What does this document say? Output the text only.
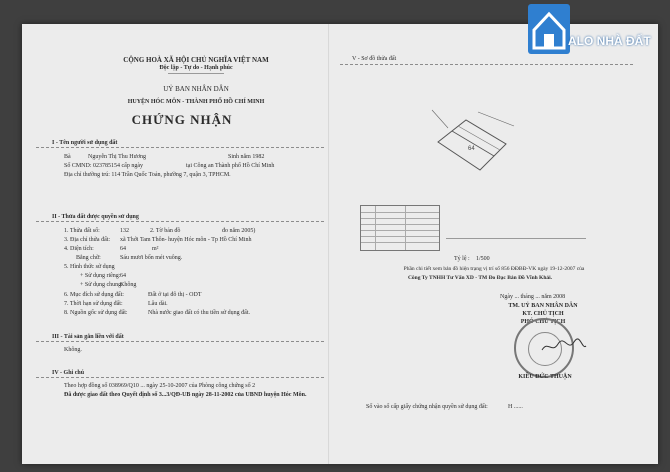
ALO NHÀ ĐẤT
CỘNG HOÀ XÃ HỘI CHỦ NGHĨA VIỆT NAM
Độc lập - Tự do - Hạnh phúc
UỶ BAN NHÂN DÂN
HUYỆN HÓC MÔN - THÀNH PHỐ HỒ CHÍ MINH
CHỨNG NHẬN
I - Tên người sử dụng đất
Bà	Nguyễn Thị Thu Hương	Sinh năm 1982
Số CMND: 023785154 cấp ngày	tại Công an Thành phố Hồ Chí Minh
Địa chỉ thường trú: 114 Trần Quốc Toản, phường 7, quận 3, TPHCM.
II - Thửa đất được quyền sử dụng
1. Thửa đất số:	132	2. Tờ bản đồ	đo năm 2005)
3. Địa chỉ thửa đất: xã Thới Tam Thôn- huyện Hóc môn - Tp Hồ Chí Minh
4. Diện tích:	64	m²
Bằng chữ:	Sáu mươi bốn mét vuông.
5. Hình thức sử dụng
+ Sử dụng riêng: 64
+ Sử dụng chung:
Không
6. Mục đích sử dụng đất:	Đất ở tại đô thị - ODT
7. Thời hạn sử dụng đất:	Lâu dài.
8. Nguồn gốc sử dụng đất:	Nhà nước giao đất có thu tiền sử dụng đất.
III - Tài sản gắn liền với đất
Không.
IV - Ghi chú
Theo hợp đồng số 038969/Q10 ... ngày 25-10-2007 của Phòng công chứng số 2
Đã được giao đất theo Quyết định số 3...3/QĐ-UB ngày 28-11-2002 của UBND huyện Hóc Môn.
V - Sơ đồ thửa đất
64
Tỷ lệ : 1/500
Phần chi tiết xem bản đồ hiện trạng vị trí số 856 ĐĐBĐ-VK ngày 19-12-2007 của
Công Ty TNHH Tư Vấn XD - TM Đo Đạc Bản Đồ Vĩnh Khải.
Ngày ... tháng ... năm 2008
TM. UỶ BAN NHÂN DÂN
KT. CHỦ TỊCH
PHÓ CHỦ TỊCH
KIỀU ĐỨC THUẬN
Số vào sổ cấp giấy chứng nhận quyền sử dụng đất:	H ......
